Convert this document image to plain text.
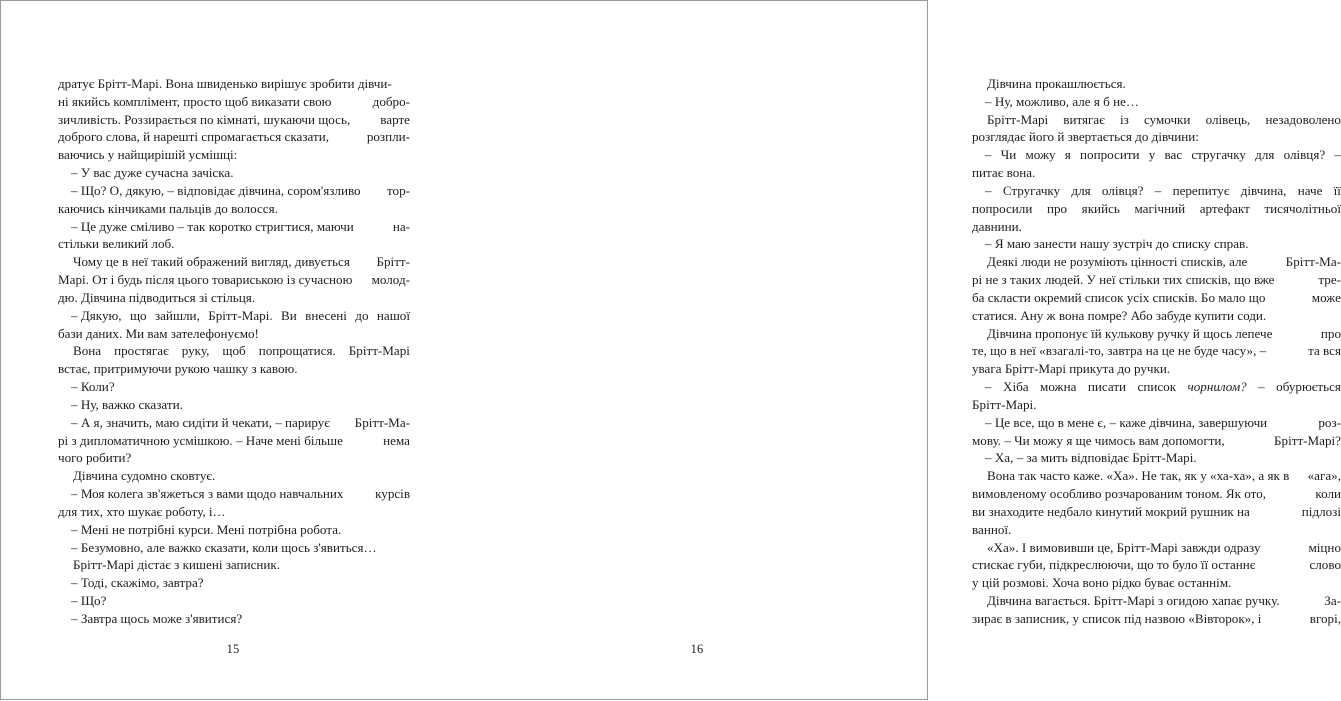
дратує Брітт-Марі. Вона швиденько вирішує зробити дівчи-
ні якийсь комплімент, просто щоб виказати свою	добро-
зичливість. Роззирається по кімнаті, шукаючи щось, варте
доброго слова, й нарешті спромагається сказати,	розпли-
ваючись у найщирішій усмішці:
– У вас дуже сучасна зачіска.
– Що? О, дякую, – відповідає дівчина, сором'язливо тор-
каючись кінчиками пальців до волосся.
– Це дуже сміливо – так коротко стригтися, маючи	на-
стільки великий лоб.
Чому це в неї такий ображений вигляд, дивується Брітт-
Марі. От і будь після цього товариською із сучасною молод-
дю. Дівчина підводиться зі стільця.
– Дякую, що зайшли, Брітт-Марі. Ви внесені до нашої
бази даних. Ми вам зателефонуємо!
Вона простягає руку, щоб попрощатися. Брітт-Марі
встає, притримуючи рукою чашку з кавою.
– Коли?
– Ну, важко сказати.
– А я, значить, маю сидіти й чекати, – парирує Брітт-Ма-
рі з дипломатичною усмішкою. – Наче мені більше	нема
чого робити?
Дівчина судомно сковтує.
– Моя колега зв'яжеться з вами щодо навчальних курсів
для тих, хто шукає роботу, і…
– Мені не потрібні курси. Мені потрібна робота.
– Безумовно, але важко сказати, коли щось з'явиться…
Брітт-Марі дістає з кишені записник.
– Тоді, скажімо, завтра?
– Що?
– Завтра щось може з'явитися?
15
Дівчина прокашлюється.
– Ну, можливо, але я б не…
Брітт-Марі витягає із сумочки олівець, незадоволено
розглядає його й звертається до дівчини:
– Чи можу я попросити у вас стругачку для олівця? –
питає вона.
– Стругачку для олівця? – перепитує дівчина, наче її
попросили про якийсь магічний артефакт тисячолітньої
давнини.
– Я маю занести нашу зустріч до списку справ.
Деякі люди не розуміють цінності списків, але	Брітт-Ма-
рі не з таких людей. У неї стільки тих списків, що вже	тре-
ба скласти окремий список усіх списків. Бо мало що	може
статися. Ану ж вона помре? Або забуде купити соди.
Дівчина пропонує їй кулькову ручку й щось лепече	про
те, що в неї «взагалі-то, завтра на це не буде часу», –	та вся
увага Брітт-Марі прикута до ручки.
– Хіба можна писати список чорнилом? – обурюється
Брітт-Марі.
– Це все, що в мене є, – каже дівчина, завершуючи	роз-
мову. – Чи можу я ще чимось вам допомогти,	Брітт-Марі?
– Ха, – за мить відповідає Брітт-Марі.
Вона так часто каже. «Ха». Не так, як у «ха-ха», а як в «ага»,
вимовленому особливо розчарованим тоном. Як ото,	коли
ви знаходите недбало кинутий мокрий рушник на	підлозі
ванної.
«Ха». І вимовивши це, Брітт-Марі завжди одразу	міцно
стискає губи, підкреслюючи, що то було її останнє	слово
у цій розмові. Хоча воно рідко буває останнім.
Дівчина вагається. Брітт-Марі з огидою хапає ручку.	За-
зирає в записник, у список під назвою «Вівторок», і	вгорі,
16
